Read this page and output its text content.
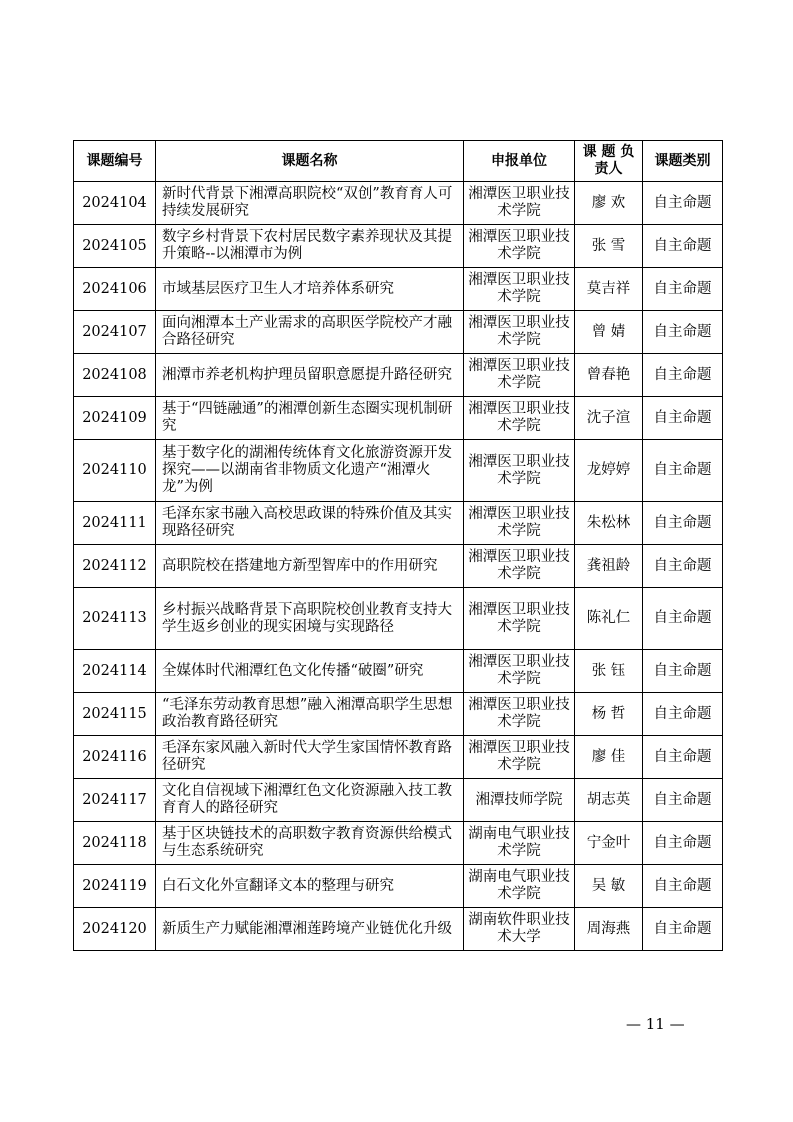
课题编号	课题名称	申报单位	课 题 负责人	课题类别
2024104	新时代背景下湘潭高职院校“双创”教育育人可持续发展研究	湘潭医卫职业技术学院	廖 欢	自主命题
2024105	数字乡村背景下农村居民数字素养现状及其提升策略--以湘潭市为例	湘潭医卫职业技术学院	张 雪	自主命题
2024106	市域基层医疗卫生人才培养体系研究	湘潭医卫职业技术学院	莫吉祥	自主命题
2024107	面向湘潭本土产业需求的高职医学院校产才融合路径研究	湘潭医卫职业技术学院	曾 婧	自主命题
2024108	湘潭市养老机构护理员留职意愿提升路径研究	湘潭医卫职业技术学院	曾春艳	自主命题
2024109	基于“四链融通”的湘潭创新生态圈实现机制研究	湘潭医卫职业技术学院	沈子渲	自主命题
2024110	基于数字化的湖湘传统体育文化旅游资源开发探究——以湖南省非物质文化遗产“湘潭火龙”为例	湘潭医卫职业技术学院	龙婷婷	自主命题
2024111	毛泽东家书融入高校思政课的特殊价值及其实现路径研究	湘潭医卫职业技术学院	朱松林	自主命题
2024112	高职院校在搭建地方新型智库中的作用研究	湘潭医卫职业技术学院	龚祖龄	自主命题
2024113	乡村振兴战略背景下高职院校创业教育支持大学生返乡创业的现实困境与实现路径	湘潭医卫职业技术学院	陈礼仁	自主命题
2024114	全媒体时代湘潭红色文化传播“破圈”研究	湘潭医卫职业技术学院	张 钰	自主命题
2024115	“毛泽东劳动教育思想”融入湘潭高职学生思想政治教育路径研究	湘潭医卫职业技术学院	杨 哲	自主命题
2024116	毛泽东家风融入新时代大学生家国情怀教育路径研究	湘潭医卫职业技术学院	廖 佳	自主命题
2024117	文化自信视域下湘潭红色文化资源融入技工教育育人的路径研究	湘潭技师学院	胡志英	自主命题
2024118	基于区块链技术的高职数字教育资源供给模式与生态系统研究	湖南电气职业技术学院	宁金叶	自主命题
2024119	白石文化外宣翻译文本的整理与研究	湖南电气职业技术学院	吴 敏	自主命题
2024120	新质生产力赋能湘潭湘莲跨境产业链优化升级	湖南软件职业技术大学	周海燕	自主命题
— 11 —
